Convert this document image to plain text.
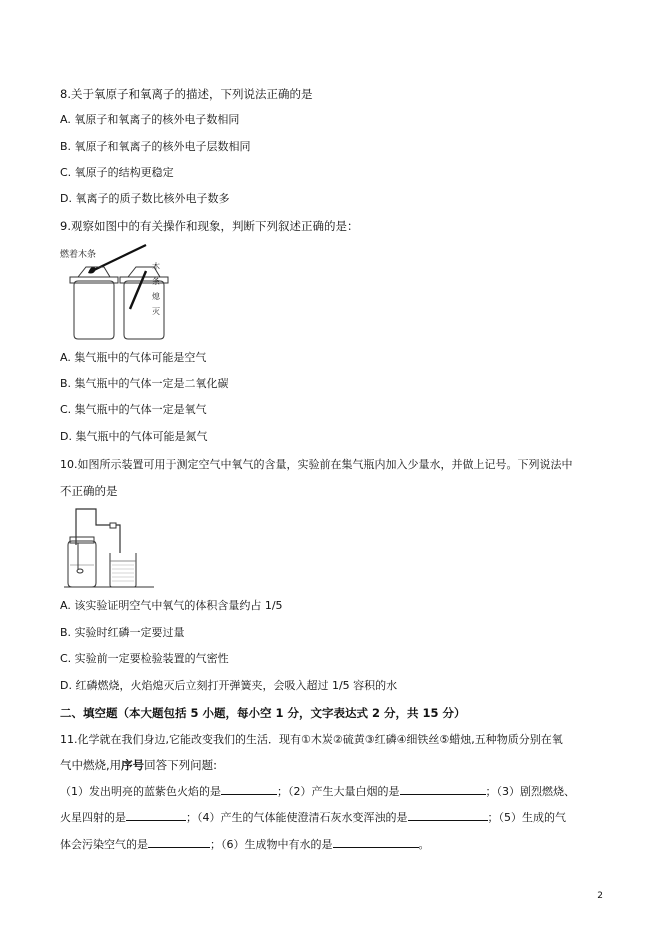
8.关于氧原子和氧离子的描述，下列说法正确的是
A. 氧原子和氧离子的核外电子数相同
B. 氧原子和氧离子的核外电子层数相同
C. 氧原子的结构更稳定
D. 氧离子的质子数比核外电子数多
9.观察如图中的有关操作和现象，判断下列叙述正确的是：
燃着木条
木
条
熄
灭
A. 集气瓶中的气体可能是空气
B. 集气瓶中的气体一定是二氧化碳
C. 集气瓶中的气体一定是氧气
D. 集气瓶中的气体可能是氮气
10.如图所示装置可用于测定空气中氧气的含量，实验前在集气瓶内加入少量水，并做上记号。下列说法中
不正确的是
A. 该实验证明空气中氧气的体积含量约占 1/5
B. 实验时红磷一定要过量
C. 实验前一定要检验装置的气密性
D. 红磷燃烧，火焰熄灭后立刻打开弹簧夹，会吸入超过 1/5 容积的水
二、填空题（本大题包括 5 小题，每小空 1 分，文字表达式 2 分，共 15 分）
11.化学就在我们身边,它能改变我们的生活．现有①木炭②硫黄③红磷④细铁丝⑤蜡烛,五种物质分别在氧
气中燃烧,用序号回答下列问题:
（1）发出明亮的蓝紫色火焰的是	；（2）产生大量白烟的是	；（3）剧烈燃烧、
火星四射的是	；（4）产生的气体能使澄清石灰水变浑浊的是	；（5）生成的气
体会污染空气的是	；（6）生成物中有水的是	。
2
